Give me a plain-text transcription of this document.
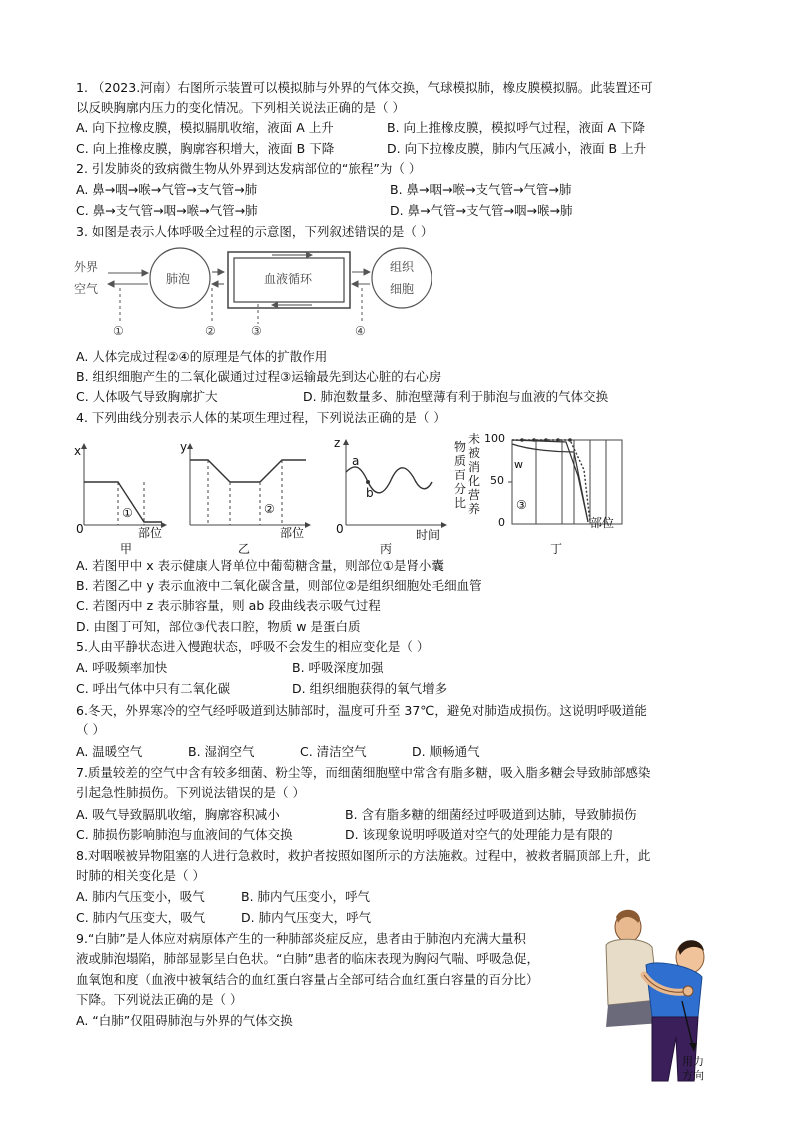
1. （2023.河南）右图所示装置可以模拟肺与外界的气体交换，气球模拟肺，橡皮膜模拟膈。此装置还可
以反映胸廓内压力的变化情况。下列相关说法正确的是（ ）
A. 向下拉橡皮膜，模拟膈肌收缩，液面 A 上升	B. 向上推橡皮膜，模拟呼气过程，液面 A 下降
C. 向上推橡皮膜，胸廓容积增大，液面 B 下降	D. 向下拉橡皮膜，肺内气压减小，液面 B 上升
2. 引发肺炎的致病微生物从外界到达发病部位的“旅程”为（ ）
A. 鼻→咽→喉→气管→支气管→肺	B. 鼻→咽→喉→支气管→气管→肺
C. 鼻→支气管→咽→喉→气管→肺	D. 鼻→气管→支气管→咽→喉→肺
3. 如图是表示人体呼吸全过程的示意图，下列叙述错误的是（ ）
外界
空气
肺泡	血液循环
组织
细胞
①	②	③	④
A. 人体完成过程②④的原理是气体的扩散作用
B. 组织细胞产生的二氧化碳通过过程③运输最先到达心脏的右心房
C. 人体吸气导致胸廓扩大	D. 肺泡数量多、肺泡壁薄有利于肺泡与血液的气体交换
4. 下列曲线分别表示人体的某项生理过程，下列说法正确的是（ ）
x
0
①
部位
甲
y
②
部位
乙
z
a
b
0	时间
丙
未被消化营养
物质百分比
100
50
0
w
③
部位
丁
A. 若图甲中 x 表示健康人肾单位中葡萄糖含量，则部位①是肾小囊
B. 若图乙中 y 表示血液中二氧化碳含量，则部位②是组织细胞处毛细血管
C. 若图丙中 z 表示肺容量，则 ab 段曲线表示吸气过程
D. 由图丁可知，部位③代表口腔，物质 w 是蛋白质
5.人由平静状态进入慢跑状态，呼吸不会发生的相应变化是（ ）
A. 呼吸频率加快	B. 呼吸深度加强
C. 呼出气体中只有二氧化碳	D. 组织细胞获得的氧气增多
6.冬天，外界寒冷的空气经呼吸道到达肺部时，温度可升至 37℃，避免对肺造成损伤。这说明呼吸道能
（ ）
A. 温暖空气	B. 湿润空气	C. 清洁空气	D. 顺畅通气
7.质量较差的空气中含有较多细菌、粉尘等，而细菌细胞壁中常含有脂多糖，吸入脂多糖会导致肺部感染
引起急性肺损伤。下列说法错误的是（ ）
A. 吸气导致膈肌收缩，胸廓容积减小	B. 含有脂多糖的细菌经过呼吸道到达肺，导致肺损伤
C. 肺损伤影响肺泡与血液间的气体交换	D. 该现象说明呼吸道对空气的处理能力是有限的
8.对咽喉被异物阻塞的人进行急救时，救护者按照如图所示的方法施救。过程中，被救者膈顶部上升，此
时肺的相关变化是（ ）
A. 肺内气压变小，吸气	B. 肺内气压变小，呼气
C. 肺内气压变大，吸气	D. 肺内气压变大，呼气
9.“白肺”是人体应对病原体产生的一种肺部炎症反应，患者由于肺泡内充满大量积
液或肺泡塌陷，肺部显影呈白色状。“白肺”患者的临床表现为胸闷气喘、呼吸急促，
血氧饱和度（血液中被氧结合的血红蛋白容量占全部可结合血红蛋白容量的百分比）
下降。下列说法正确的是（ ）
A. “白肺”仅阻碍肺泡与外界的气体交换
用力
方向
